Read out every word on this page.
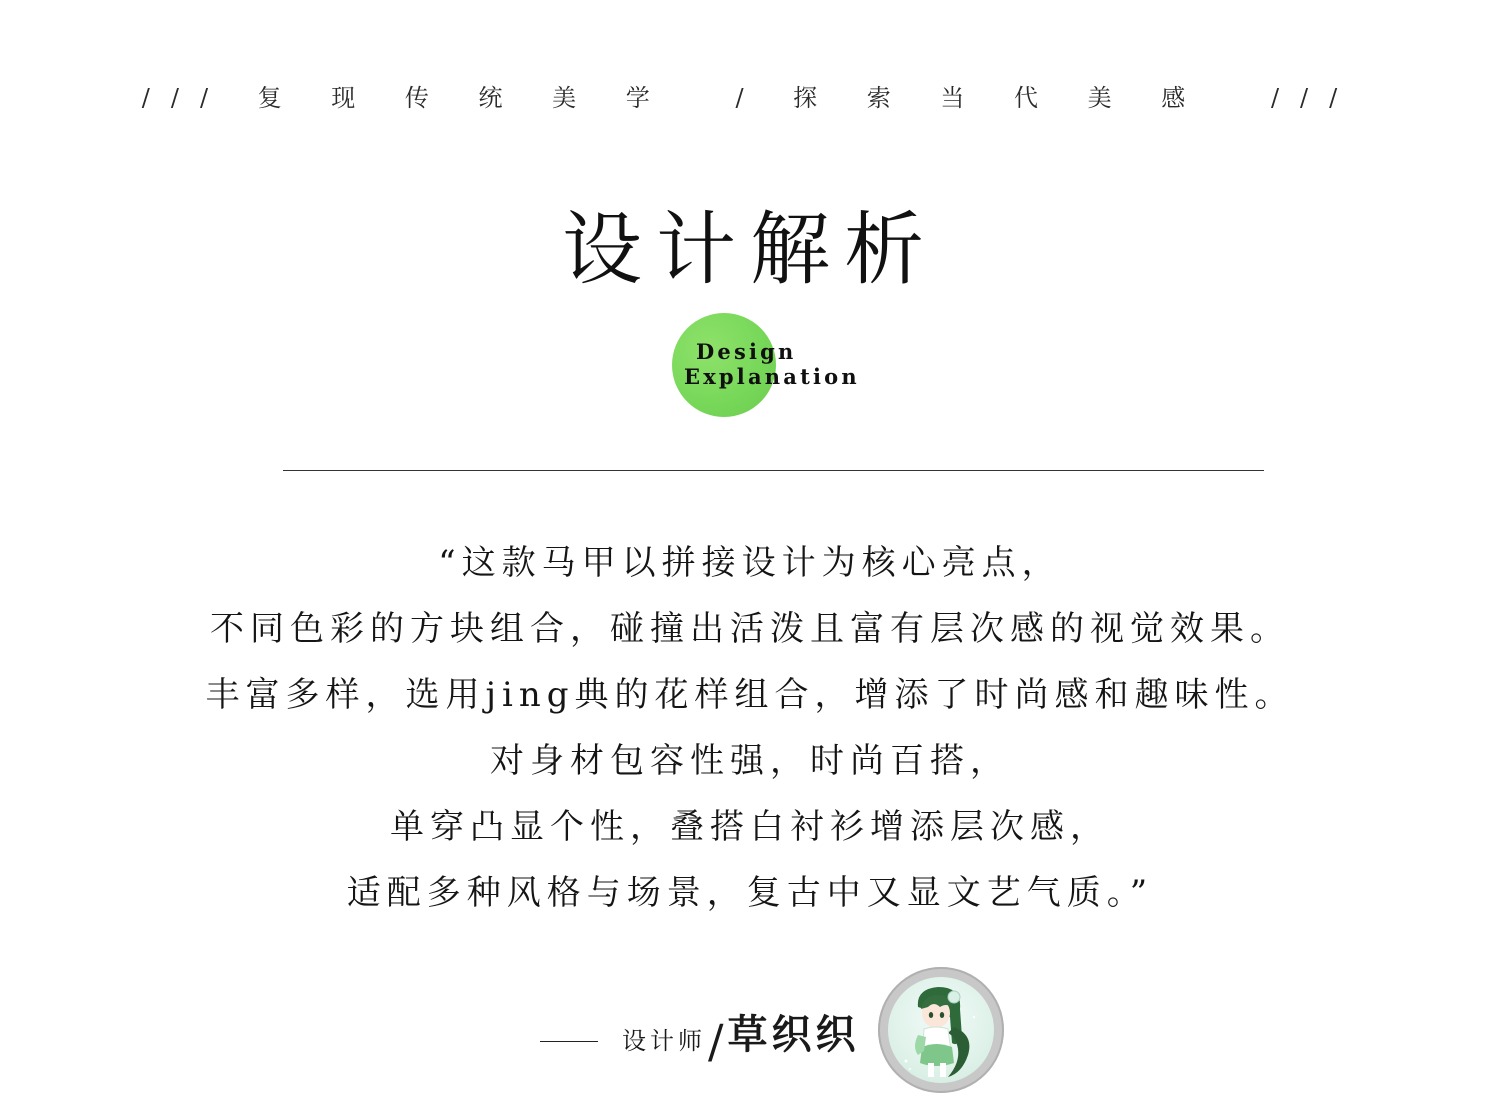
/// 复 现 传 统 美 学	/ 探 索 当 代 美 感	///
设计解析
Design
Explanation
“这款马甲以拼接设计为核心亮点，
不同色彩的方块组合，碰撞出活泼且富有层次感的视觉效果。
丰富多样，选用jing典的花样组合，增添了时尚感和趣味性。
对身材包容性强，时尚百搭，
单穿凸显个性，叠搭白衬衫增添层次感，
适配多种风格与场景，复古中又显文艺气质。”
设计师 / 草织织
